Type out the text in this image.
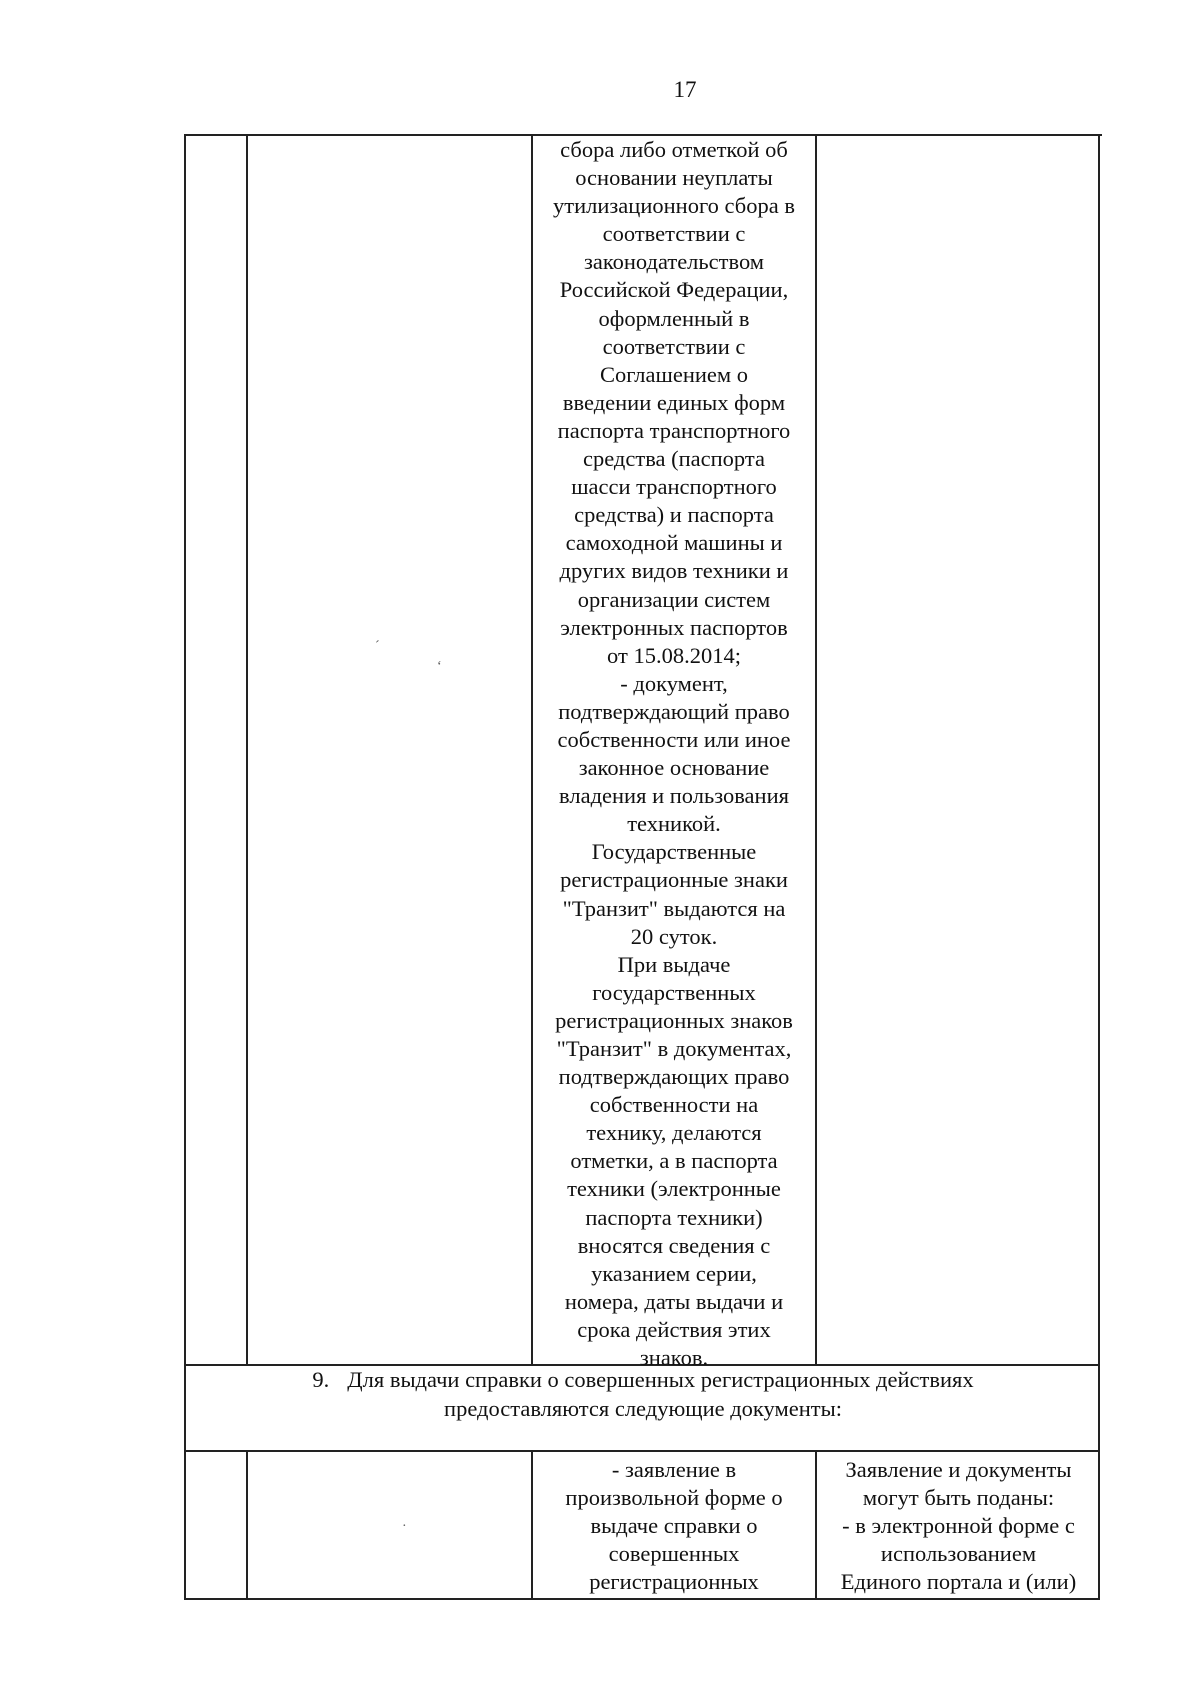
17

сбора либо отметкой об

основании неуплаты

утилизационного сбора в

соответствии с

законодательством

Российской Федерации,

оформленный в

соответствии с

Соглашением о

введении единых форм

паспорта транспортного

средства (паспорта

шасси транспортного

средства) и паспорта

самоходной машины и

других видов техники и

организации систем

электронных паспортов

от 15.08.2014;

- документ,

подтверждающий право

собственности или иное

законное основание

владения и пользования

техникой.

Государственные

регистрационные знаки

"Транзит" выдаются на

20 суток.

При выдаче

государственных

регистрационных знаков

"Транзит" в документах,

подтверждающих право

собственности на

технику, делаются

отметки, а в паспорта

техники (электронные

паспорта техники)

вносятся сведения с

указанием серии,

номера, даты выдачи и

срока действия этих

знаков.

9. Для выдачи справки о совершенных регистрационных действиях

предоставляются следующие документы:

- заявление в

произвольной форме о

выдаче справки о

совершенных

регистрационных

Заявление и документы

могут быть поданы:

- в электронной форме с

использованием

Единого портала и (или)

´
‘
·
